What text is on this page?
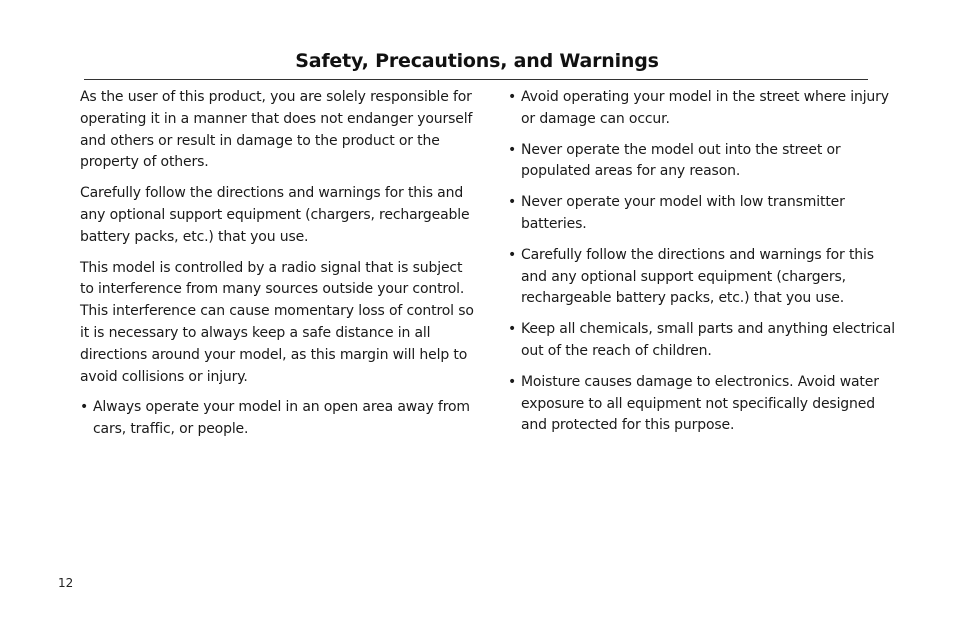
Safety, Precautions, and Warnings

As the user of this product, you are solely responsible for operating it in a manner that does not endanger yourself and others or result in damage to the product or the property of others.

Carefully follow the directions and warnings for this and any optional support equipment (chargers, rechargeable battery packs, etc.) that you use.

This model is controlled by a radio signal that is subject to interference from many sources outside your control. This interference can cause momentary loss of control so it is necessary to always keep a safe distance in all directions around your model, as this margin will help to avoid collisions or injury.

• Always operate your model in an open area away from cars, traffic, or people.
• Avoid operating your model in the street where injury or damage can occur.
• Never operate the model out into the street or populated areas for any reason.
• Never operate your model with low transmitter batteries.
• Carefully follow the directions and warnings for this and any optional support equipment (chargers, rechargeable battery packs, etc.) that you use.
• Keep all chemicals, small parts and anything electrical out of the reach of children.
• Moisture causes damage to electronics. Avoid water exposure to all equipment not specifically designed and protected for this purpose.
12
